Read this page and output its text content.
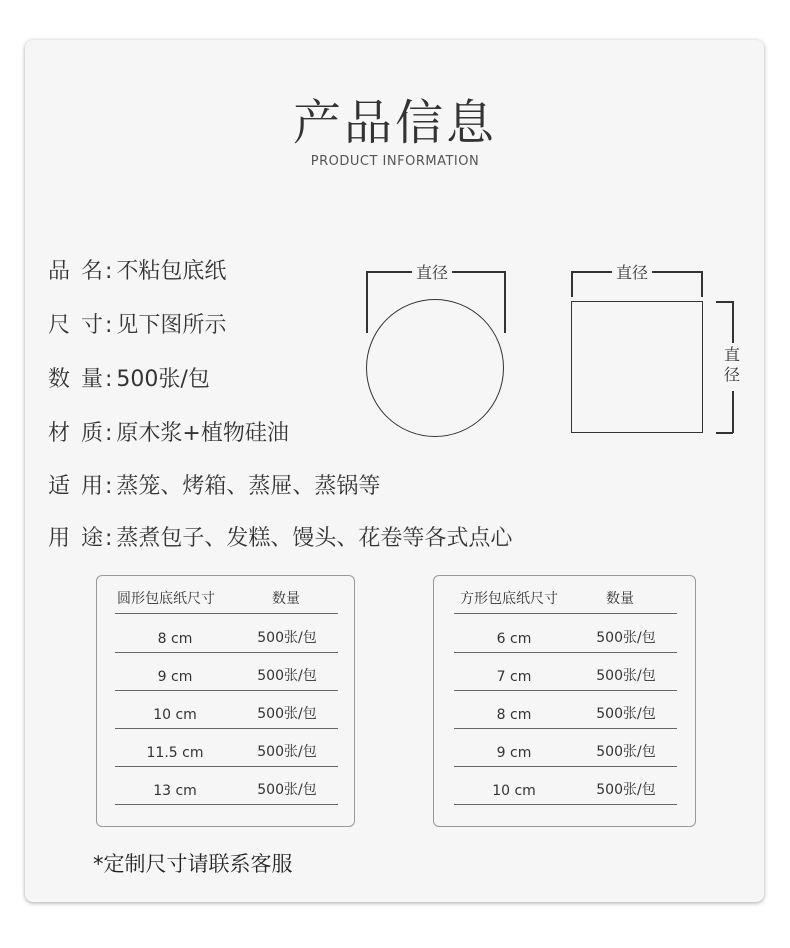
产品信息
PRODUCT INFORMATION
品 名: 不粘包底纸
尺 寸: 见下图所示
数 量: 500张/包
材 质: 原木浆+植物硅油
适 用: 蒸笼、烤箱、蒸屉、蒸锅等
用 途: 蒸煮包子、发糕、馒头、花卷等各式点心
直径	直径
直径
圆形包底纸尺寸	数量
8 cm	500张/包
9 cm	500张/包
10 cm	500张/包
11.5 cm	500张/包
13 cm	500张/包
方形包底纸尺寸	数量
6 cm	500张/包
7 cm	500张/包
8 cm	500张/包
9 cm	500张/包
10 cm	500张/包
*定制尺寸请联系客服
